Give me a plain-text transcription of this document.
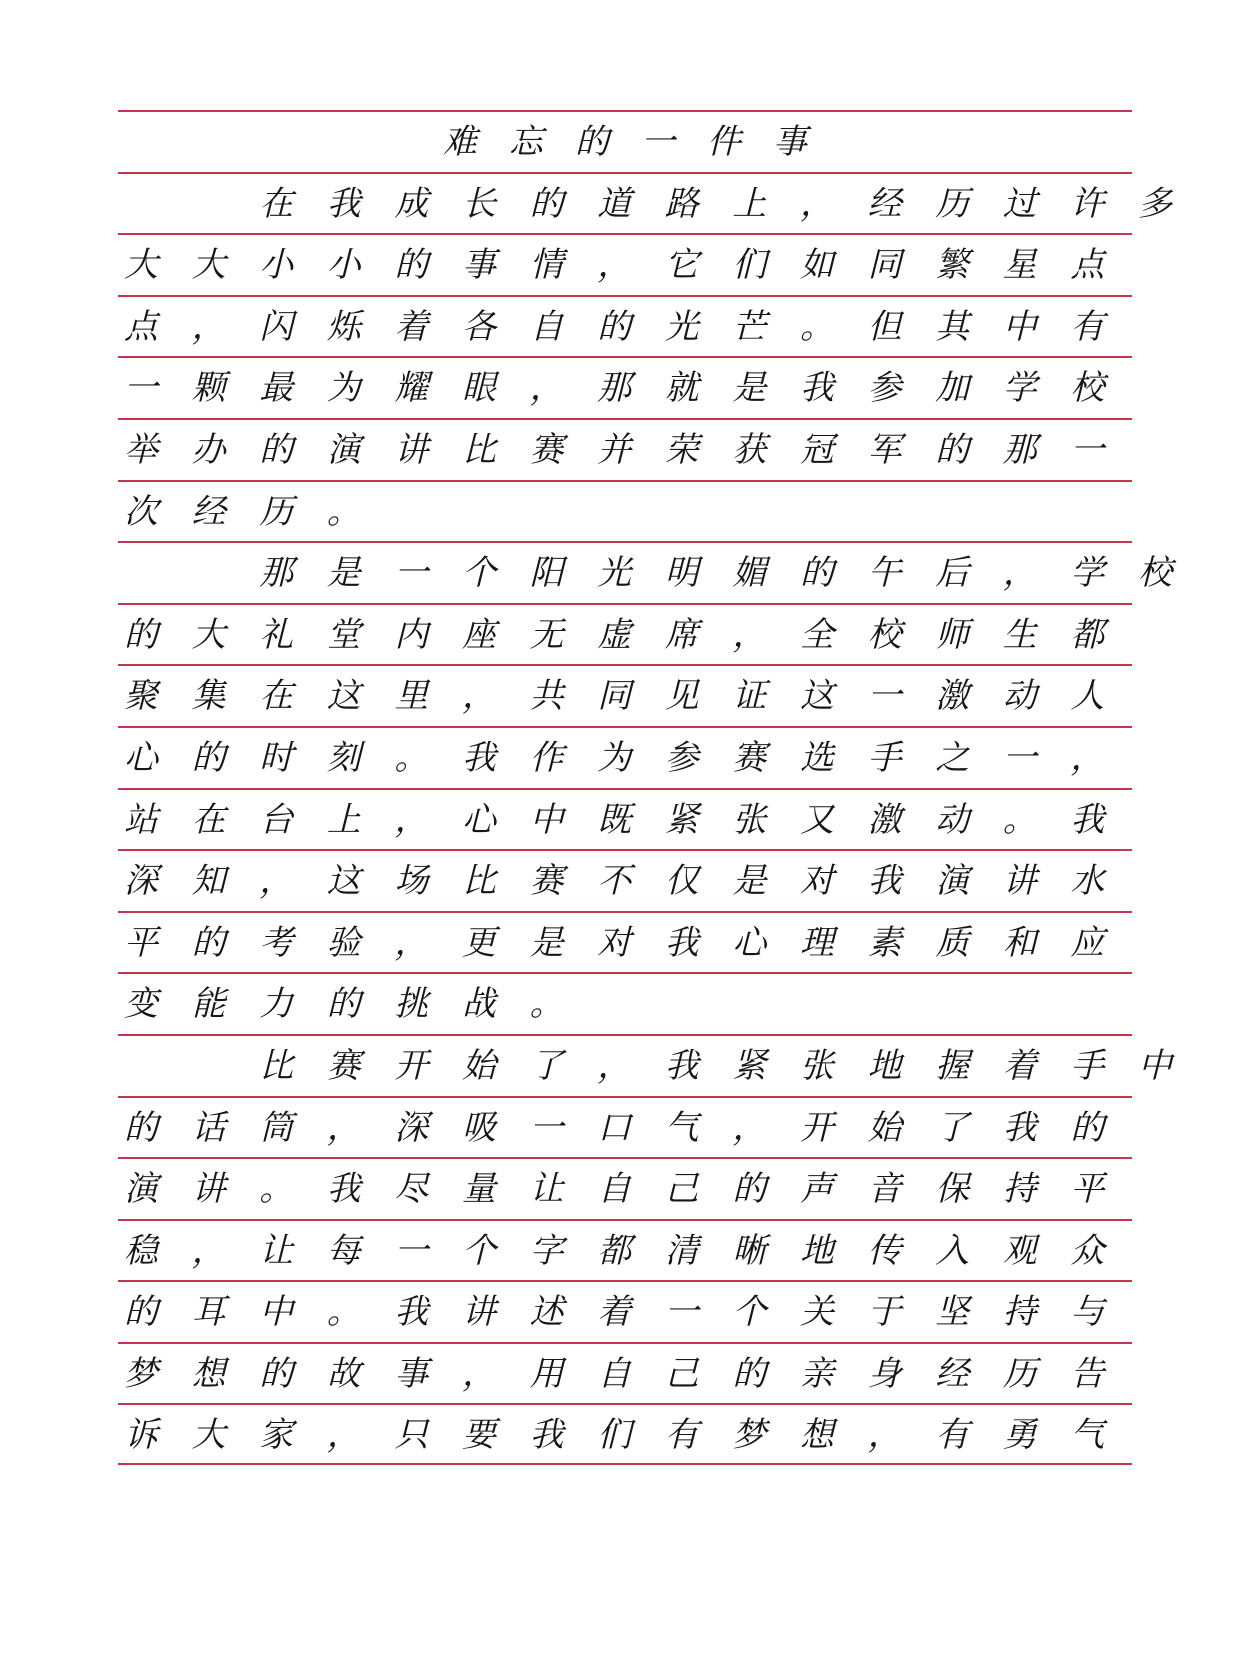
难忘的一件事
　　在我成长的道路上，经历过许多
大大小小的事情，它们如同繁星点
点，闪烁着各自的光芒。但其中有
一颗最为耀眼，那就是我参加学校
举办的演讲比赛并荣获冠军的那一
次经历。
　　那是一个阳光明媚的午后，学校
的大礼堂内座无虚席，全校师生都
聚集在这里，共同见证这一激动人
心的时刻。我作为参赛选手之一，
站在台上，心中既紧张又激动。我
深知，这场比赛不仅是对我演讲水
平的考验，更是对我心理素质和应
变能力的挑战。
　　比赛开始了，我紧张地握着手中
的话筒，深吸一口气，开始了我的
演讲。我尽量让自己的声音保持平
稳，让每一个字都清晰地传入观众
的耳中。我讲述着一个关于坚持与
梦想的故事，用自己的亲身经历告
诉大家，只要我们有梦想，有勇气
